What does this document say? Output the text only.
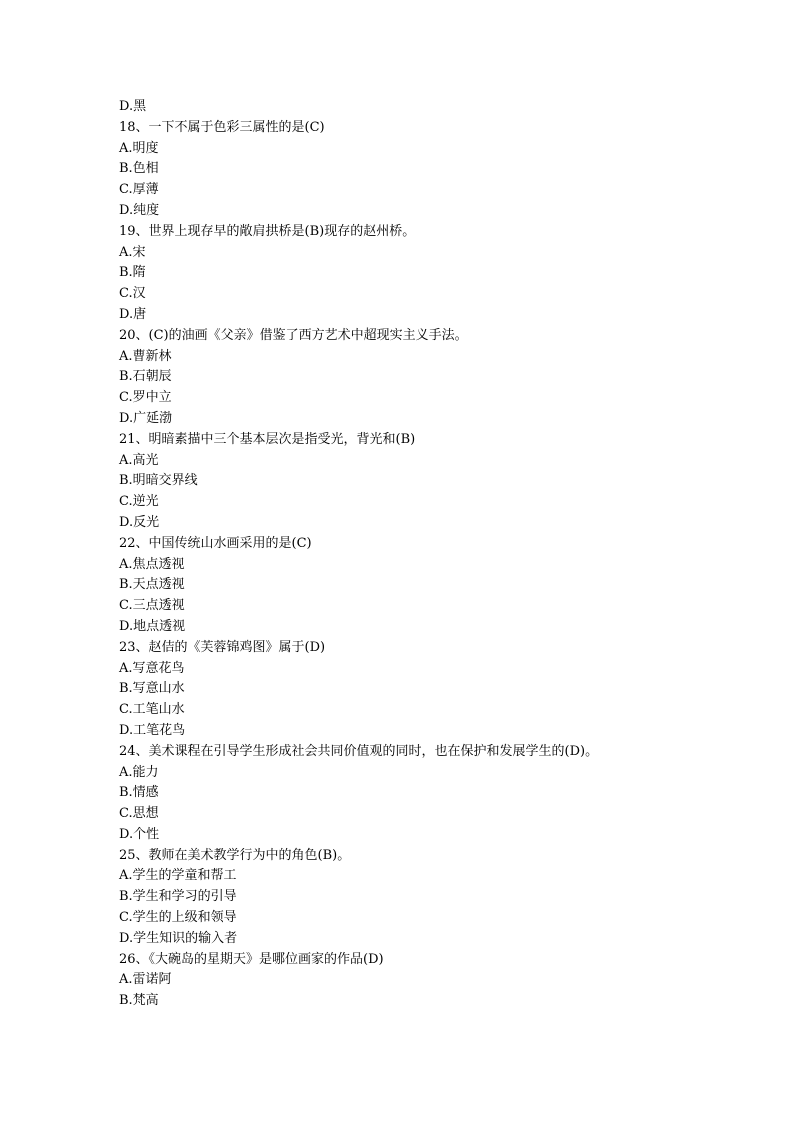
D.黑

18、一下不属于色彩三属性的是(C)

A.明度

B.色相

C.厚薄

D.纯度

19、世界上现存早的敞肩拱桥是(B)现存的赵州桥。

A.宋

B.隋

C.汉

D.唐

20、(C)的油画《父亲》借鉴了西方艺术中超现实主义手法。

A.曹新林

B.石朝辰

C.罗中立

D.广延渤

21、明暗素描中三个基本层次是指受光，背光和(B)

A.高光

B.明暗交界线

C.逆光

D.反光

22、中国传统山水画采用的是(C)

A.焦点透视

B.天点透视

C.三点透视

D.地点透视

23、赵佶的《芙蓉锦鸡图》属于(D)

A.写意花鸟

B.写意山水

C.工笔山水

D.工笔花鸟

24、美术课程在引导学生形成社会共同价值观的同时，也在保护和发展学生的(D)。

A.能力

B.情感

C.思想

D.个性

25、教师在美术教学行为中的角色(B)。

A.学生的学童和帮工

B.学生和学习的引导

C.学生的上级和领导

D.学生知识的输入者

26、《大碗岛的星期天》是哪位画家的作品(D)

A.雷诺阿

B.梵高
